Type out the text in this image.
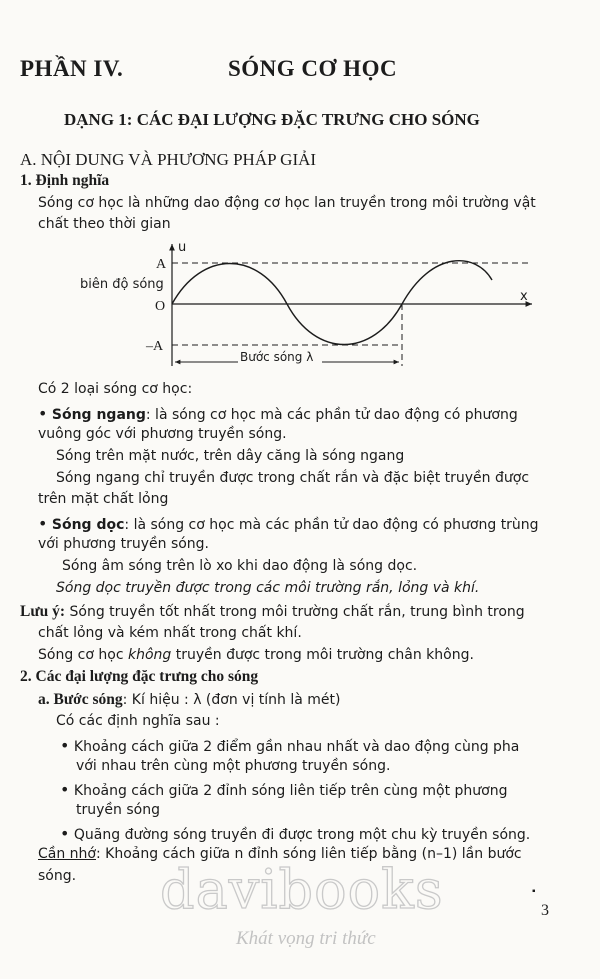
PHẦN IV.	SÓNG CƠ HỌC
DẠNG 1: CÁC ĐẠI LƯỢNG ĐẶC TRƯNG CHO SÓNG
A. NỘI DUNG VÀ PHƯƠNG PHÁP GIẢI
1. Định nghĩa
Sóng cơ học là những dao động cơ học lan truyền trong môi trường vật
chất theo thời gian
Bước sóng λ
u
x
A
O
–A
biên độ sóng
Có 2 loại sóng cơ học:
• Sóng ngang: là sóng cơ học mà các phần tử dao động có phương
vuông góc với phương truyền sóng.
Sóng trên mặt nước, trên dây căng là sóng ngang
Sóng ngang chỉ truyền được trong chất rắn và đặc biệt truyền được
trên mặt chất lỏng
• Sóng dọc: là sóng cơ học mà các phần tử dao động có phương trùng
với phương truyền sóng.
Sóng âm sóng trên lò xo khi dao động là sóng dọc.
Sóng dọc truyền được trong các môi trường rắn, lỏng và khí.
Lưu ý: Sóng truyền tốt nhất trong môi trường chất rắn, trung bình trong
chất lỏng và kém nhất trong chất khí.
Sóng cơ học không truyền được trong môi trường chân không.
2. Các đại lượng đặc trưng cho sóng
a. Bước sóng: Kí hiệu : λ (đơn vị tính là mét)
Có các định nghĩa sau :
• Khoảng cách giữa 2 điểm gần nhau nhất và dao động cùng pha
với nhau trên cùng một phương truyền sóng.
• Khoảng cách giữa 2 đỉnh sóng liên tiếp trên cùng một phương
truyền sóng
• Quãng đường sóng truyền đi được trong một chu kỳ truyền sóng.
Cần nhớ: Khoảng cách giữa n đỉnh sóng liên tiếp bằng (n–1) lần bước
sóng. davibooks
Khát vọng tri thức
▪
3
